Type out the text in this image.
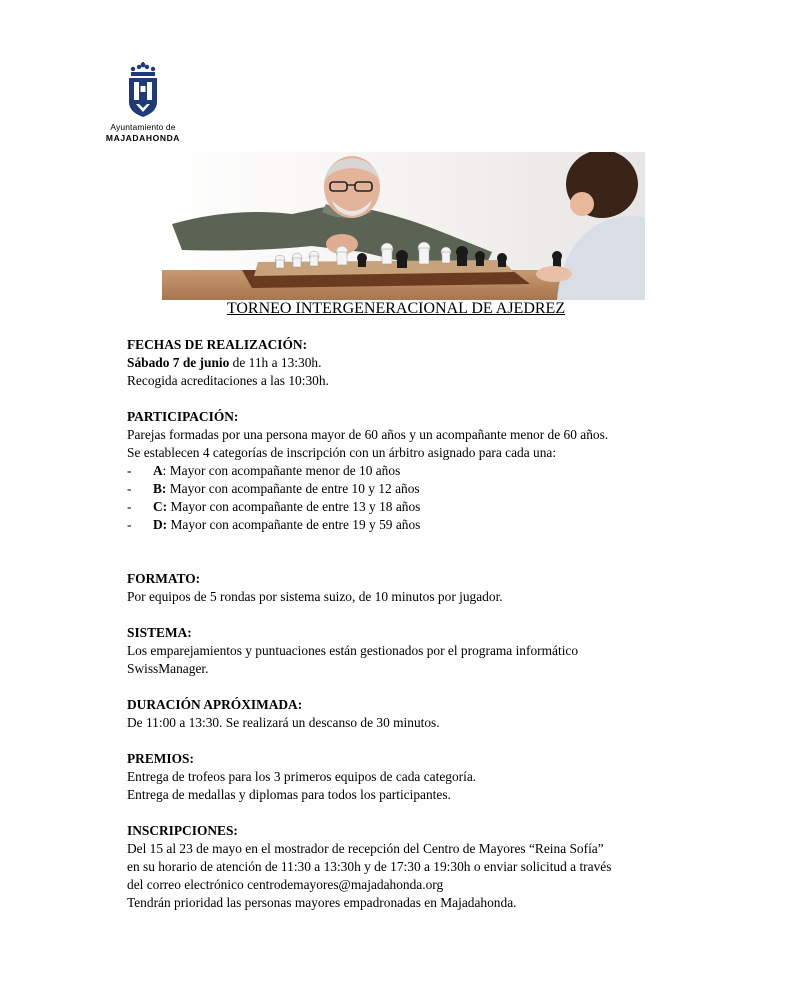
Ayuntamiento de
MAJADAHONDA
TORNEO INTERGENERACIONAL DE AJEDREZ
FECHAS DE REALIZACIÓN:
Sábado 7 de junio de 11h a 13:30h.
Recogida acreditaciones a las 10:30h.
PARTICIPACIÓN:
Parejas formadas por una persona mayor de 60 años y un acompañante menor de 60 años.
Se establecen 4 categorías de inscripción con un árbitro asignado para cada una:
- A: Mayor con acompañante menor de 10 años
- B: Mayor con acompañante de entre 10 y 12 años
- C: Mayor con acompañante de entre 13 y 18 años
- D: Mayor con acompañante de entre 19 y 59 años
FORMATO:
Por equipos de 5 rondas por sistema suizo, de 10 minutos por jugador.
SISTEMA:
Los emparejamientos y puntuaciones están gestionados por el programa informático
SwissManager.
DURACIÓN APRÓXIMADA:
De 11:00 a 13:30. Se realizará un descanso de 30 minutos.
PREMIOS:
Entrega de trofeos para los 3 primeros equipos de cada categoría.
Entrega de medallas y diplomas para todos los participantes.
INSCRIPCIONES:
Del 15 al 23 de mayo en el mostrador de recepción del Centro de Mayores “Reina Sofía”
en su horario de atención de 11:30 a 13:30h y de 17:30 a 19:30h o enviar solicitud a través
del correo electrónico centrodemayores@majadahonda.org
Tendrán prioridad las personas mayores empadronadas en Majadahonda.
